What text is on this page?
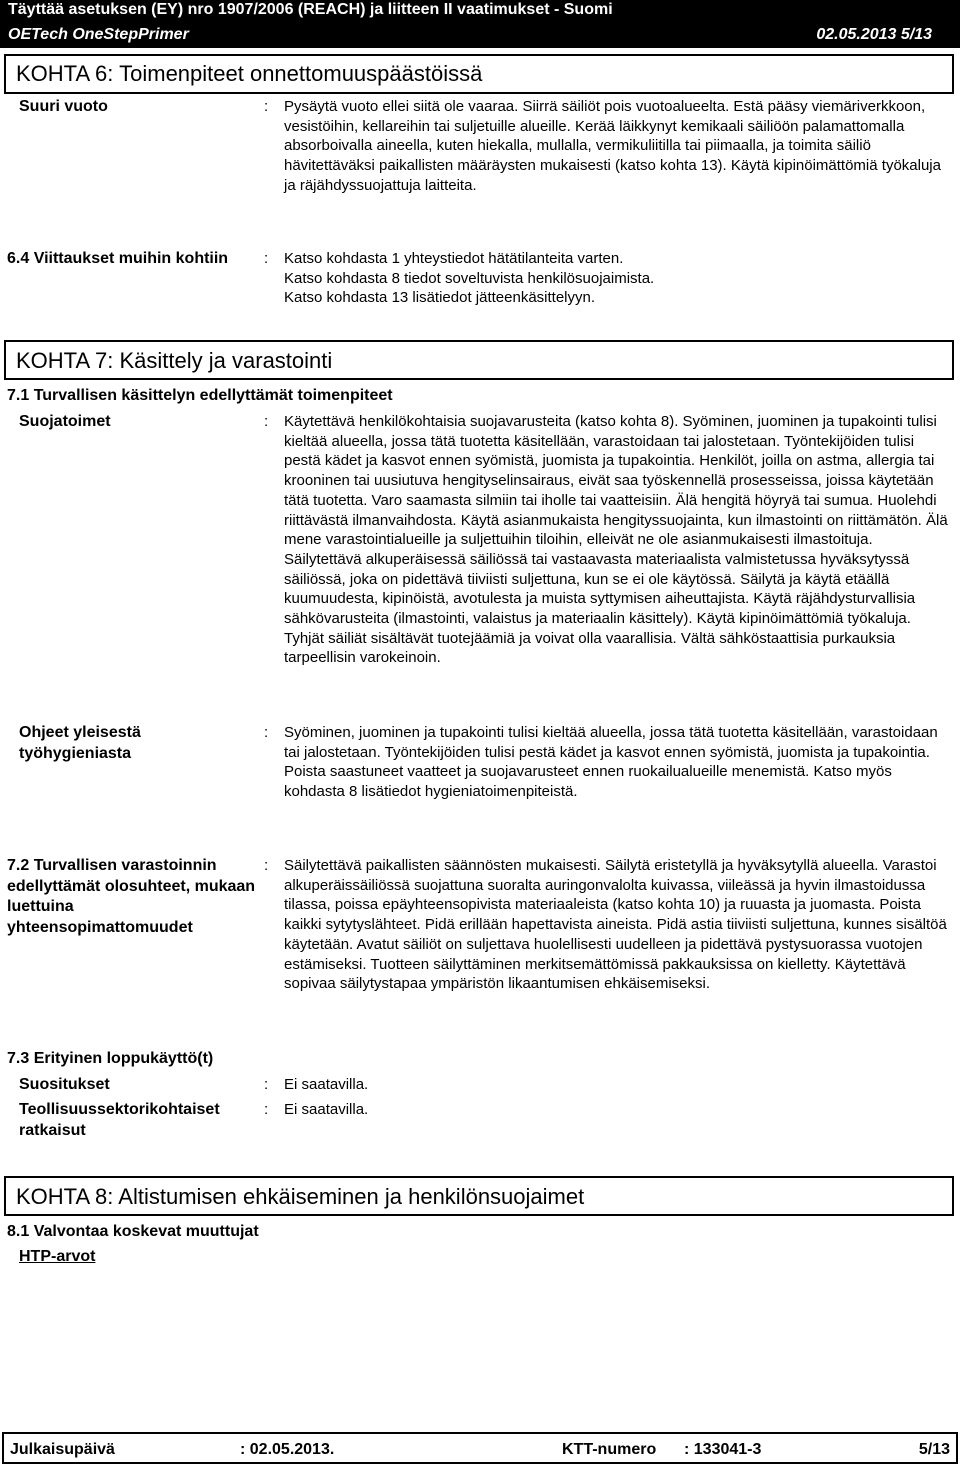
Täyttää asetuksen (EY) nro 1907/2006 (REACH) ja liitteen II vaatimukset - Suomi
OETech OneStepPrimer	02.05.2013 5/13
KOHTA 6: Toimenpiteet onnettomuuspäästöissä
Suuri vuoto	: Pysäytä vuoto ellei siitä ole vaaraa. Siirrä säiliöt pois vuotoalueelta. Estä pääsy viemäriverkkoon, vesistöihin, kellareihin tai suljetuille alueille. Kerää läikkynyt kemikaali säiliöön palamattomalla absorboivalla aineella, kuten hiekalla, mullalla, vermikuliitilla tai piimaalla, ja toimita säiliö hävitettäväksi paikallisten määräysten mukaisesti (katso kohta 13). Käytä kipinöimättömiä työkaluja ja räjähdyssuojattuja laitteita.
6.4 Viittaukset muihin kohtiin	: Katso kohdasta 1 yhteystiedot hätätilanteita varten.

Katso kohdasta 8 tiedot soveltuvista henkilösuojaimista.

Katso kohdasta 13 lisätiedot jätteenkäsittelyyn.

KOHTA 7: Käsittely ja varastointi
7.1 Turvallisen käsittelyn edellyttämät toimenpiteet
Suojatoimet	: Käytettävä henkilökohtaisia suojavarusteita (katso kohta 8). Syöminen, juominen ja tupakointi tulisi kieltää alueella, jossa tätä tuotetta käsitellään, varastoidaan tai jalostetaan. Työntekijöiden tulisi pestä kädet ja kasvot ennen syömistä, juomista ja tupakointia. Henkilöt, joilla on astma, allergia tai krooninen tai uusiutuva hengityselinsairaus, eivät saa työskennellä prosesseissa, joissa käytetään tätä tuotetta. Varo saamasta silmiin tai iholle tai vaatteisiin. Älä hengitä höyryä tai sumua. Huolehdi riittävästä ilmanvaihdosta. Käytä asianmukaista hengityssuojainta, kun ilmastointi on riittämätön. Älä mene varastointialueille ja suljettuihin tiloihin, elleivät ne ole asianmukaisesti ilmastoituja. Säilytettävä alkuperäisessä säiliössä tai vastaavasta materiaalista valmistetussa hyväksytyssä säiliössä, joka on pidettävä tiiviisti suljettuna, kun se ei ole käytössä. Säilytä ja käytä etäällä kuumuudesta, kipinöistä, avotulesta ja muista syttymisen aiheuttajista. Käytä räjähdysturvallisia sähkövarusteita (ilmastointi, valaistus ja materiaalin käsittely). Käytä kipinöimättömiä työkaluja. Tyhjät säiliät sisältävät tuotejäämiä ja voivat olla vaarallisia. Vältä sähköstaattisia purkauksia tarpeellisin varokeinoin.
Ohjeet yleisestä työhygieniasta
: Syöminen, juominen ja tupakointi tulisi kieltää alueella, jossa tätä tuotetta käsitellään, varastoidaan tai jalostetaan. Työntekijöiden tulisi pestä kädet ja kasvot ennen syömistä, juomista ja tupakointia. Poista saastuneet vaatteet ja suojavarusteet ennen ruokailualueille menemistä. Katso myös kohdasta 8 lisätiedot hygieniatoimenpiteistä.
7.2 Turvallisen varastoinnin edellyttämät olosuhteet, mukaan luettuina yhteensopimattomuudet
: Säilytettävä paikallisten säännösten mukaisesti. Säilytä eristetyllä ja hyväksytyllä alueella. Varastoi alkuperäissäiliössä suojattuna suoralta auringonvalolta kuivassa, viileässä ja hyvin ilmastoidussa tilassa, poissa epäyhteensopivista materiaaleista (katso kohta 10) ja ruuasta ja juomasta. Poista kaikki sytytyslähteet. Pidä erillään hapettavista aineista. Pidä astia tiiviisti suljettuna, kunnes sisältöä käytetään. Avatut säiliöt on suljettava huolellisesti uudelleen ja pidettävä pystysuorassa vuotojen estämiseksi. Tuotteen säilyttäminen merkitsemättömissä pakkauksissa on kielletty. Käytettävä sopivaa säilytystapaa ympäristön likaantumisen ehkäisemiseksi.
7.3 Erityinen loppukäyttö(t)
Suositukset	: Ei saatavilla.
Teollisuussektorikohtaiset ratkaisut
: Ei saatavilla.
KOHTA 8: Altistumisen ehkäiseminen ja henkilönsuojaimet
8.1 Valvontaa koskevat muuttujat
HTP-arvot
Julkaisupäivä	: 02.05.2013.	KTT-numero : 133041-3	5/13
